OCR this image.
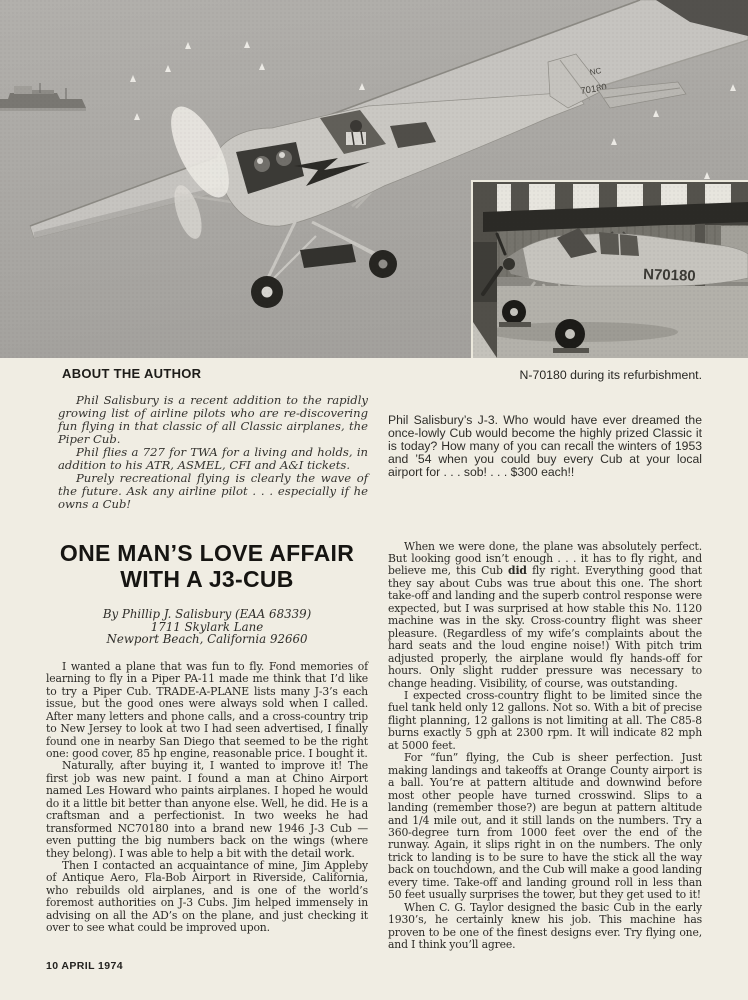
N-70180 during its refurbishment.
ABOUT THE AUTHOR

Phil Salisbury is a recent addition to the rapidly growing list of airline pilots who are re-discovering fun flying in that classic of all Classic airplanes, the Piper Cub.

Phil flies a 727 for TWA for a living and holds, in addition to his ATR, ASMEL, CFI and A&I tickets.

Purely recreational flying is clearly the wave of the future. Ask any airline pilot . . . especially if he owns a Cub!

ONE MAN’S LOVE AFFAIR
WITH A J3-CUB
By Phillip J. Salisbury (EAA 68339)
1711 Skylark Lane
Newport Beach, California 92660

I wanted a plane that was fun to fly. Fond memories of learning to fly in a Piper PA-11 made me think that I’d like to try a Piper Cub. TRADE-A-PLANE lists many J-3’s each issue, but the good ones were always sold when I called. After many letters and phone calls, and a cross-country trip to New Jersey to look at two I had seen advertised, I finally found one in nearby San Diego that seemed to be the right one: good cover, 85 hp engine, reasonable price. I bought it.

Naturally, after buying it, I wanted to improve it! The first job was new paint. I found a man at Chino Airport named Les Howard who paints airplanes. I hoped he would do it a little bit better than anyone else. Well, he did. He is a craftsman and a perfectionist. In two weeks he had transformed NC70180 into a brand new 1946 J-3 Cub — even putting the big numbers back on the wings (where they belong). I was able to help a bit with the detail work.

Then I contacted an acquaintance of mine, Jim Appleby of Antique Aero, Fla-Bob Airport in Riverside, California, who rebuilds old airplanes, and is one of the world’s foremost authorities on J-3 Cubs. Jim helped immensely in advising on all the AD’s on the plane, and just checking it over to see what could be improved upon.

Phil Salisbury’s J-3. Who would have ever dreamed the once-lowly Cub would become the highly prized Classic it is today? How many of you can recall the winters of 1953 and ’54 when you could buy every Cub at your local airport for . . . sob! . . . $300 each!!

When we were done, the plane was absolutely perfect. But looking good isn’t enough . . . it has to fly right, and believe me, this Cub did fly right. Everything good that they say about Cubs was true about this one. The short take-off and landing and the superb control response were expected, but I was surprised at how stable this No. 1120 machine was in the sky. Cross-country flight was sheer pleasure. (Regardless of my wife’s complaints about the hard seats and the loud engine noise!) With pitch trim adjusted properly, the airplane would fly hands-off for hours. Only slight rudder pressure was necessary to change heading. Visibility, of course, was outstanding.

I expected cross-country flight to be limited since the fuel tank held only 12 gallons. Not so. With a bit of precise flight planning, 12 gallons is not limiting at all. The C85-8 burns exactly 5 gph at 2300 rpm. It will indicate 82 mph at 5000 feet.

For “fun” flying, the Cub is sheer perfection. Just making landings and takeoffs at Orange County airport is a ball. You’re at pattern altitude and downwind before most other people have turned crosswind. Slips to a landing (remember those?) are begun at pattern altitude and 1/4 mile out, and it still lands on the numbers. Try a 360-degree turn from 1000 feet over the end of the runway. Again, it slips right in on the numbers. The only trick to landing is to be sure to have the stick all the way back on touchdown, and the Cub will make a good landing every time. Take-off and landing ground roll in less than 50 feet usually surprises the tower, but they get used to it!

When C. G. Taylor designed the basic Cub in the early 1930’s, he certainly knew his job. This machine has proven to be one of the finest designs ever. Try flying one, and I think you’ll agree.

10 APRIL 1974
